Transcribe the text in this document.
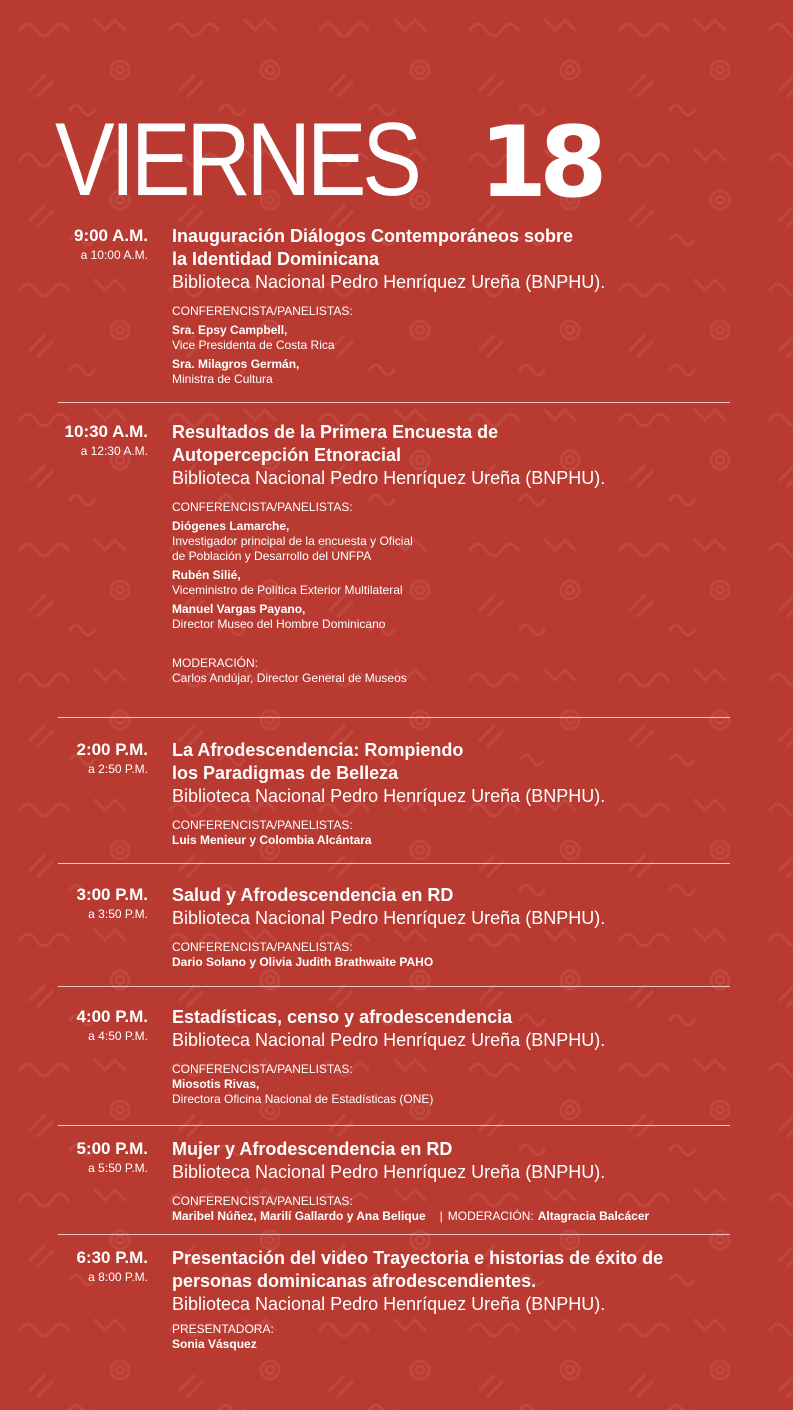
VIERNES 18
9:00 A.M.
a 10:00 A.M.
Inauguración Diálogos Contemporáneos sobre
la Identidad Dominicana
Biblioteca Nacional Pedro Henríquez Ureña (BNPHU).
CONFERENCISTA/PANELISTAS:
Sra. Epsy Campbell,
Vice Presidenta de Costa Rica
Sra. Milagros Germán,
Ministra de Cultura
10:30 A.M.
a 12:30 A.M.
Resultados de la Primera Encuesta de
Autopercepción Etnoracial
Biblioteca Nacional Pedro Henríquez Ureña (BNPHU).
CONFERENCISTA/PANELISTAS:
Diógenes Lamarche,
Investigador principal de la encuesta y Oficial
de Población y Desarrollo del UNFPA
Rubén Silié,
Viceministro de Política Exterior Multilateral
Manuel Vargas Payano,
Director Museo del Hombre Dominicano
MODERACIÓN:
Carlos Andújar, Director General de Museos
2:00 P.M.
a 2:50 P.M.
La Afrodescendencia: Rompiendo
los Paradigmas de Belleza
Biblioteca Nacional Pedro Henríquez Ureña (BNPHU).
CONFERENCISTA/PANELISTAS:
Luis Menieur y Colombia Alcántara
3:00 P.M.
a 3:50 P.M.
Salud y Afrodescendencia en RD
Biblioteca Nacional Pedro Henríquez Ureña (BNPHU).
CONFERENCISTA/PANELISTAS:
Dario Solano y Olivia Judith Brathwaite PAHO
4:00 P.M.
a 4:50 P.M.
Estadísticas, censo y afrodescendencia
Biblioteca Nacional Pedro Henríquez Ureña (BNPHU).
CONFERENCISTA/PANELISTAS:
Miosotis Rivas,
Directora Oficina Nacional de Estadísticas (ONE)
5:00 P.M.
a 5:50 P.M.
Mujer y Afrodescendencia en RD
Biblioteca Nacional Pedro Henríquez Ureña (BNPHU).
CONFERENCISTA/PANELISTAS:
Maribel Núñez, Marilí Gallardo y Ana Belique | MODERACIÓN: Altagracia Balcácer
6:30 P.M.
a 8:00 P.M.
Presentación del video Trayectoria e historias de éxito de
personas dominicanas afrodescendientes.
Biblioteca Nacional Pedro Henríquez Ureña (BNPHU).
PRESENTADORA:
Sonia Vásquez
